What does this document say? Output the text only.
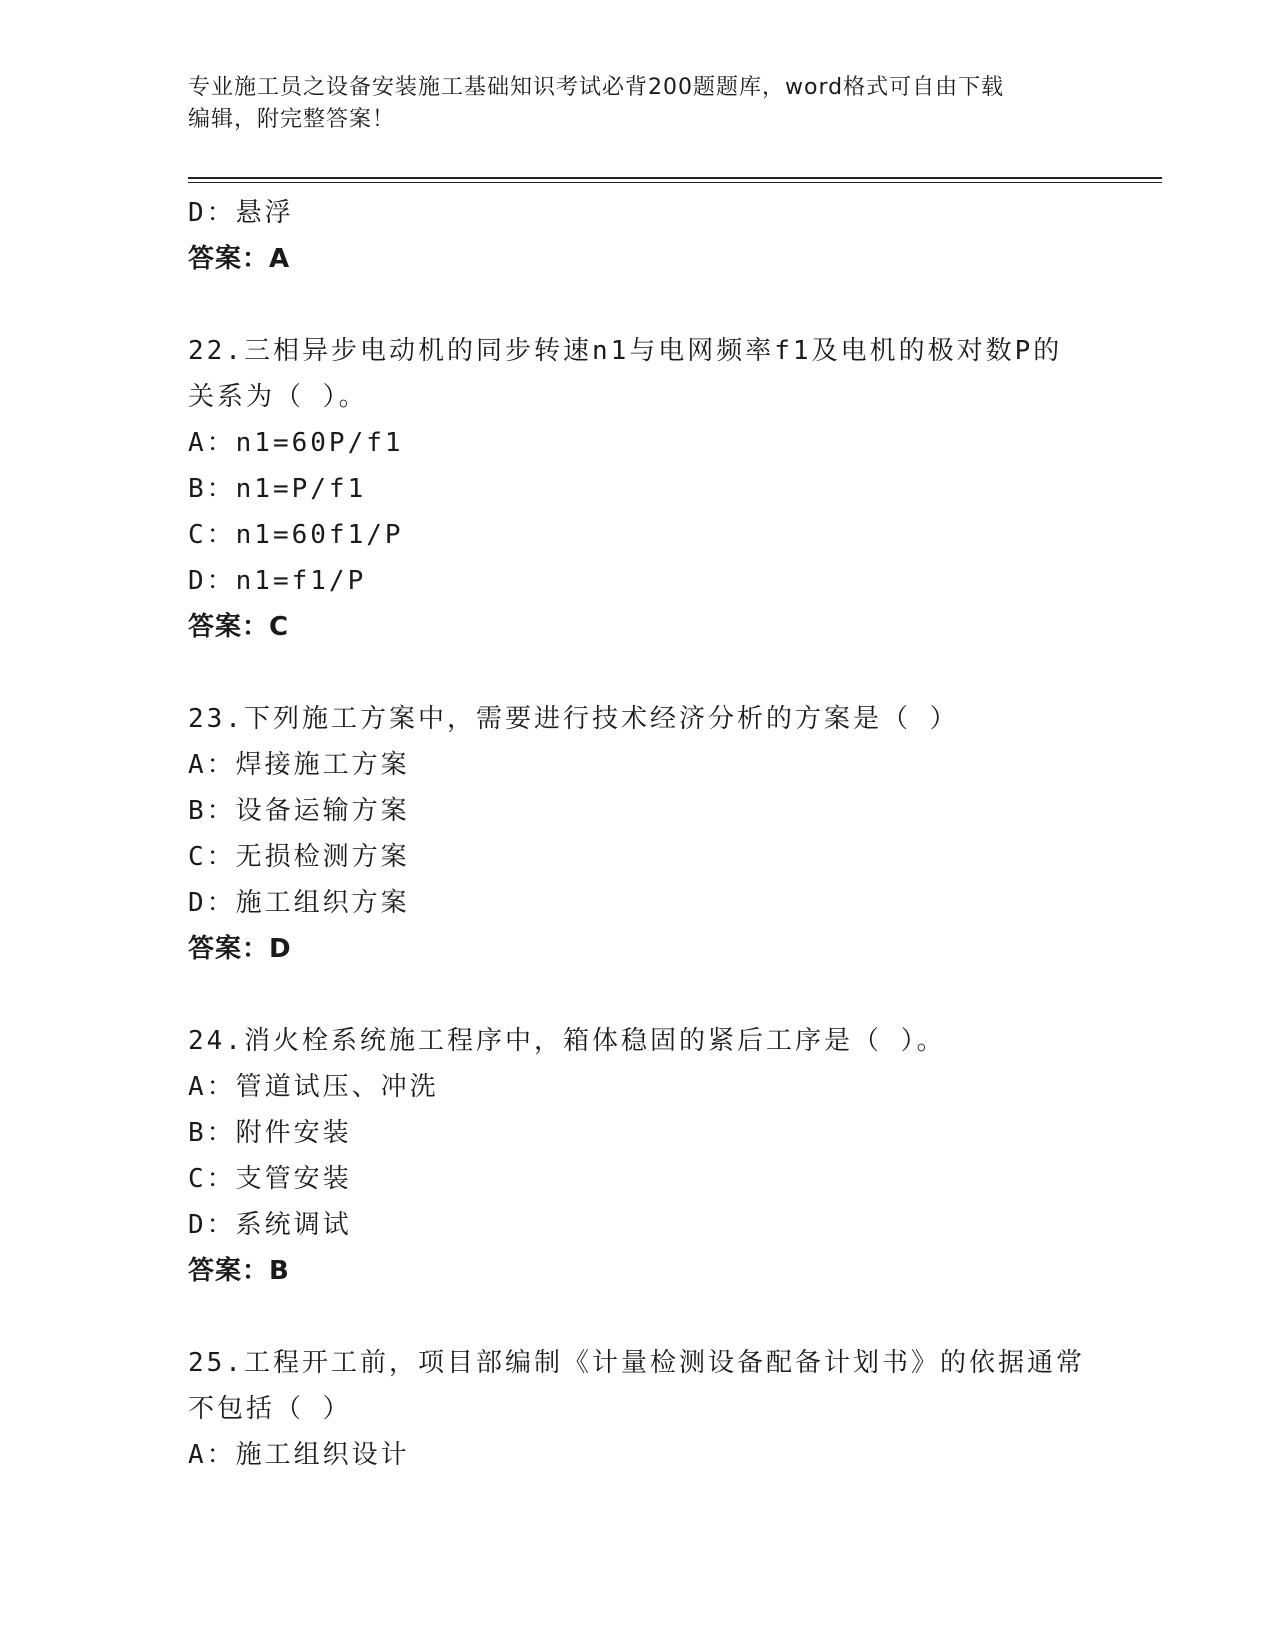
专业施工员之设备安装施工基础知识考试必背200题题库，word格式可自由下载
编辑，附完整答案！
D：悬浮
答案：A
22.三相异步电动机的同步转速n1与电网频率f1及电机的极对数P的
关系为（ ）。
A：n1=60P/f1
B：n1=P/f1
C：n1=60f1/P
D：n1=f1/P
答案：C
23.下列施工方案中，需要进行技术经济分析的方案是（ ）
A：焊接施工方案
B：设备运输方案
C：无损检测方案
D：施工组织方案
答案：D
24.消火栓系统施工程序中，箱体稳固的紧后工序是（ ）。
A：管道试压、冲洗
B：附件安装
C：支管安装
D：系统调试
答案：B
25.工程开工前，项目部编制《计量检测设备配备计划书》的依据通常
不包括（ ）
A：施工组织设计
